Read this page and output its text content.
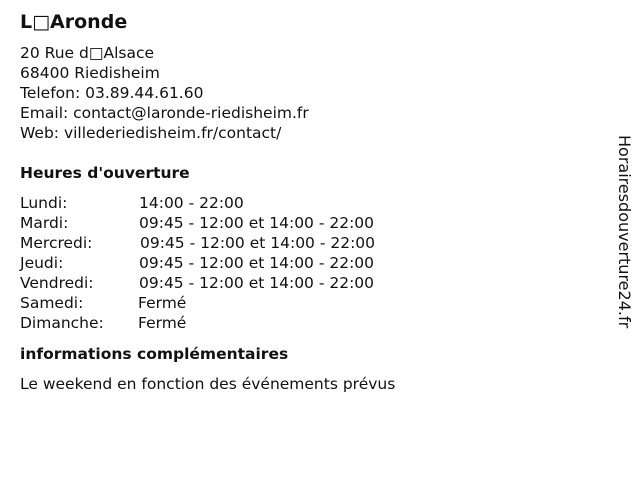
L□Aronde
20 Rue d□Alsace
68400 Riedisheim
Telefon: 03.89.44.61.60
Email: contact@laronde-riedisheim.fr
Web: villederiedisheim.fr/contact/
Heures d'ouverture
Lundi:	14:00 - 22:00
Mardi:	09:45 - 12:00 et 14:00 - 22:00
Mercredi:	09:45 - 12:00 et 14:00 - 22:00
Jeudi:	09:45 - 12:00 et 14:00 - 22:00
Vendredi:	09:45 - 12:00 et 14:00 - 22:00
Samedi:	Fermé
Dimanche: Fermé
informations complémentaires
Le weekend en fonction des événements prévus
Horairesdouverture24.fr
